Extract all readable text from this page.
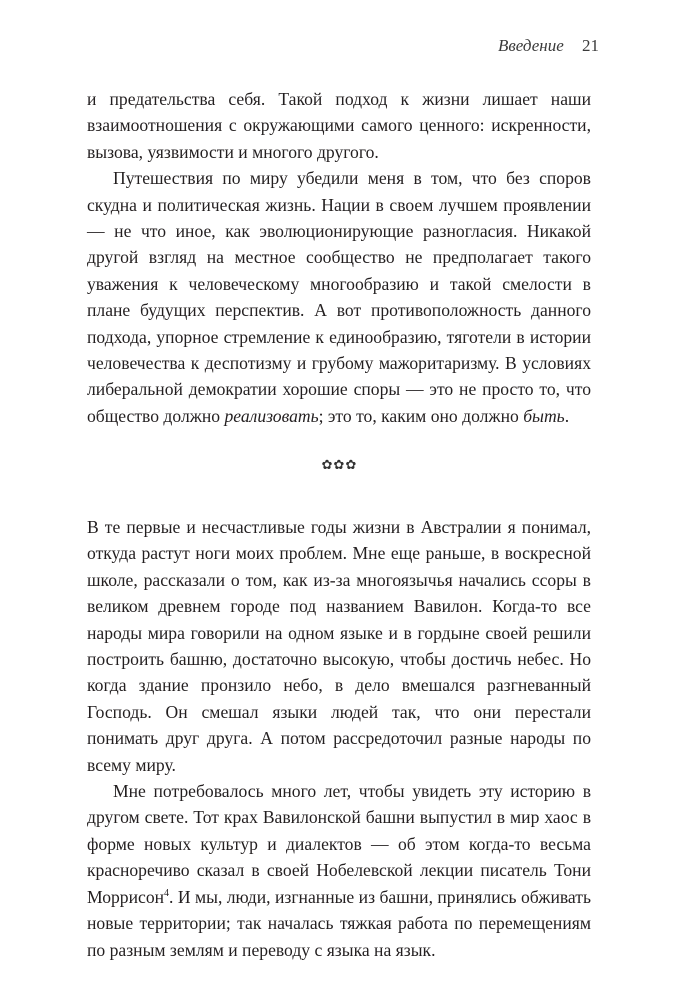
Введение 21

и предательства себя. Такой подход к жизни лишает наши взаимоотношения с окружающими самого ценного: искренности, вызова, уязвимости и многого другого.

Путешествия по миру убедили меня в том, что без споров скудна и политическая жизнь. Нации в своем лучшем проявлении — не что иное, как эволюционирующие разногласия. Никакой другой взгляд на местное сообщество не предполагает такого уважения к человеческому многообразию и такой смелости в плане будущих перспектив. А вот противоположность данного подхода, упорное стремление к единообразию, тяготели в истории человечества к деспотизму и грубому мажоритаризму. В условиях либеральной демократии хорошие споры — это не просто то, что общество должно реализовать; это то, каким оно должно быть.

✿✿✿

В те первые и несчастливые годы жизни в Австралии я понимал, откуда растут ноги моих проблем. Мне еще раньше, в воскресной школе, рассказали о том, как из-за многоязычья начались ссоры в великом древнем городе под названием Вавилон. Когда-то все народы мира говорили на одном языке и в гордыне своей решили построить башню, достаточно высокую, чтобы достичь небес. Но когда здание пронзило небо, в дело вмешался разгневанный Господь. Он смешал языки людей так, что они перестали понимать друг друга. А потом рассредоточил разные народы по всему миру.

Мне потребовалось много лет, чтобы увидеть эту историю в другом свете. Тот крах Вавилонской башни выпустил в мир хаос в форме новых культур и диалектов — об этом когда-то весьма красноречиво сказал в своей Нобелевской лекции писатель Тони Моррисон$^4$. И мы, люди, изгнанные из башни, принялись обживать новые территории; так началась тяжкая работа по перемещениям по разным землям и переводу с языка на язык.
